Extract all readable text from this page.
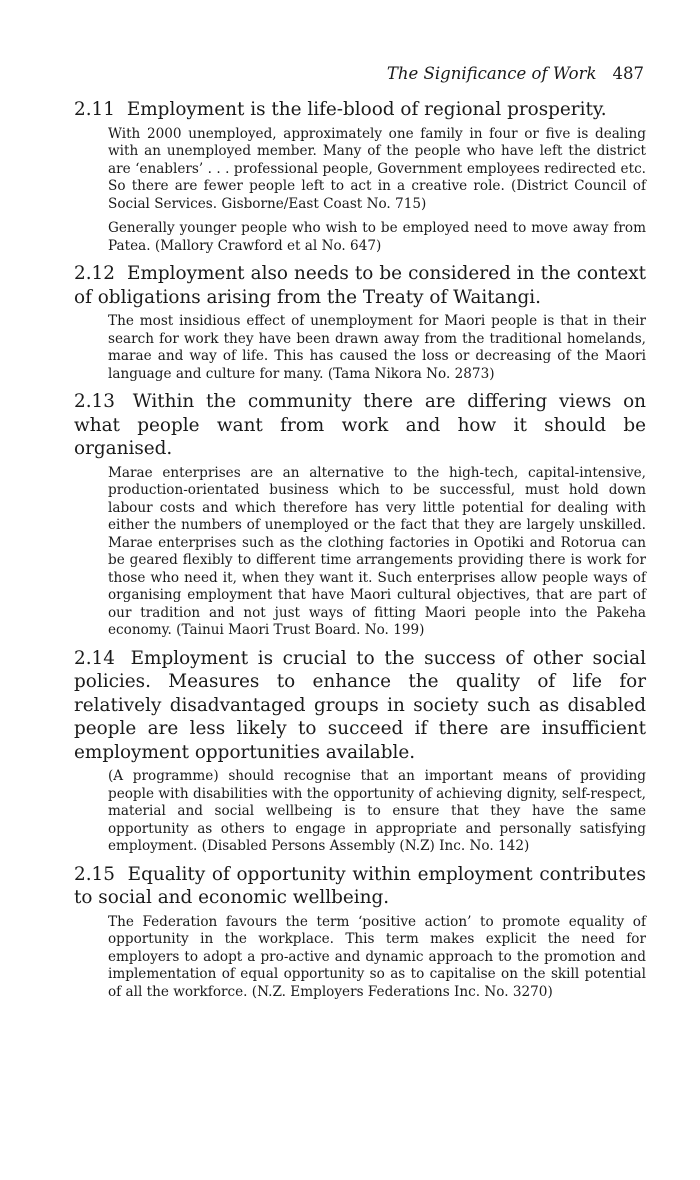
The Significance of Work 487

2.11 Employment is the life-blood of regional prosperity.

With 2000 unemployed, approximately one family in four or five is dealing with an unemployed member. Many of the people who have left the district are ‘enablers’ . . . professional people, Government employees redirected etc. So there are fewer people left to act in a creative role. (District Council of Social Services. Gisborne/East Coast No. 715)

Generally younger people who wish to be employed need to move away from Patea. (Mallory Crawford et al No. 647)

2.12 Employment also needs to be considered in the context of obligations arising from the Treaty of Waitangi.

The most insidious effect of unemployment for Maori people is that in their search for work they have been drawn away from the traditional homelands, marae and way of life. This has caused the loss or decreasing of the Maori language and culture for many. (Tama Nikora No. 2873)

2.13 Within the community there are differing views on what people want from work and how it should be organised.

Marae enterprises are an alternative to the high-tech, capital-intensive, production-orientated business which to be successful, must hold down labour costs and which therefore has very little potential for dealing with either the numbers of unemployed or the fact that they are largely unskilled. Marae enterprises such as the clothing factories in Opotiki and Rotorua can be geared flexibly to different time arrangements providing there is work for those who need it, when they want it. Such enterprises allow people ways of organising employment that have Maori cultural objectives, that are part of our tradition and not just ways of fitting Maori people into the Pakeha economy. (Tainui Maori Trust Board. No. 199)

2.14 Employment is crucial to the success of other social policies. Measures to enhance the quality of life for relatively disadvantaged groups in society such as disabled people are less likely to succeed if there are insufficient employment opportunities available.

(A programme) should recognise that an important means of providing people with disabilities with the opportunity of achieving dignity, self-respect, material and social wellbeing is to ensure that they have the same opportunity as others to engage in appropriate and personally satisfying employment. (Disabled Persons Assembly (N.Z) Inc. No. 142)

2.15 Equality of opportunity within employment contributes to social and economic wellbeing.

The Federation favours the term ‘positive action’ to promote equality of opportunity in the workplace. This term makes explicit the need for employers to adopt a pro-active and dynamic approach to the promotion and implementation of equal opportunity so as to capitalise on the skill potential of all the workforce. (N.Z. Employers Federations Inc. No. 3270)
